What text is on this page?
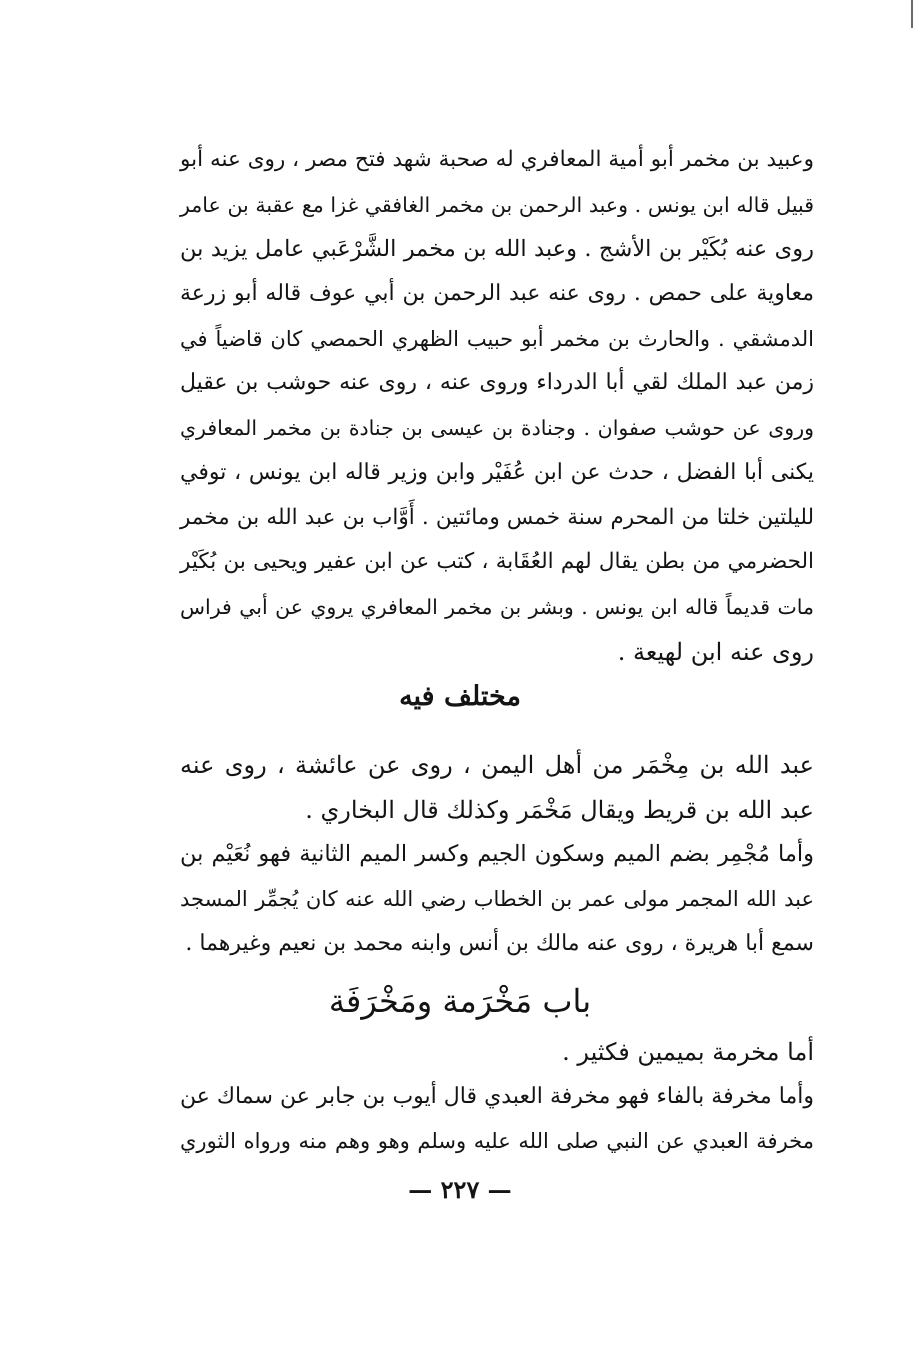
وعبيد بن مخمر أبو أمية المعافري له صحبة شهد فتح مصر ، روى عنه أبو
قبيل قاله ابن يونس . وعبد الرحمن بن مخمر الغافقي غزا مع عقبة بن عامر
روى عنه بُكَيْر بن الأشج . وعبد الله بن مخمر الشَّرْعَبي عامل يزيد بن
معاوية على حمص . روى عنه عبد الرحمن بن أبي عوف قاله أبو زرعة
الدمشقي . والحارث بن مخمر أبو حبيب الظهري الحمصي كان قاضياً في
زمن عبد الملك لقي أبا الدرداء وروى عنه ، روى عنه حوشب بن عقيل
وروى عن حوشب صفوان . وجنادة بن عيسى بن جنادة بن مخمر المعافري
يكنى أبا الفضل ، حدث عن ابن عُفَيْر وابن وزير قاله ابن يونس ، توفي
لليلتين خلتا من المحرم سنة خمس ومائتين . أَوَّاب بن عبد الله بن مخمر
الحضرمي من بطن يقال لهم العُقَابة ، كتب عن ابن عفير ويحيى بن بُكَيْر
مات قديماً قاله ابن يونس . وبشر بن مخمر المعافري يروي عن أبي فراس
روى عنه ابن لهيعة .
مختلف فيه
عبد الله بن مِخْمَر من أهل اليمن ، روى عن عائشة ، روى عنه
عبد الله بن قريط ويقال مَخْمَر وكذلك قال البخاري .
وأما مُجْمِر بضم الميم وسكون الجيم وكسر الميم الثانية فهو نُعَيْم بن
عبد الله المجمر مولى عمر بن الخطاب رضي الله عنه كان يُجمِّر المسجد
سمع أبا هريرة ، روى عنه مالك بن أنس وابنه محمد بن نعيم وغيرهما .
باب مَخْرَمة ومَخْرَفَة
أما مخرمة بميمين فكثير .
وأما مخرفة بالفاء فهو مخرفة العبدي قال أيوب بن جابر عن سماك عن
مخرفة العبدي عن النبي صلى الله عليه وسلم وهو وهم منه ورواه الثوري
— ٢٢٧ —
